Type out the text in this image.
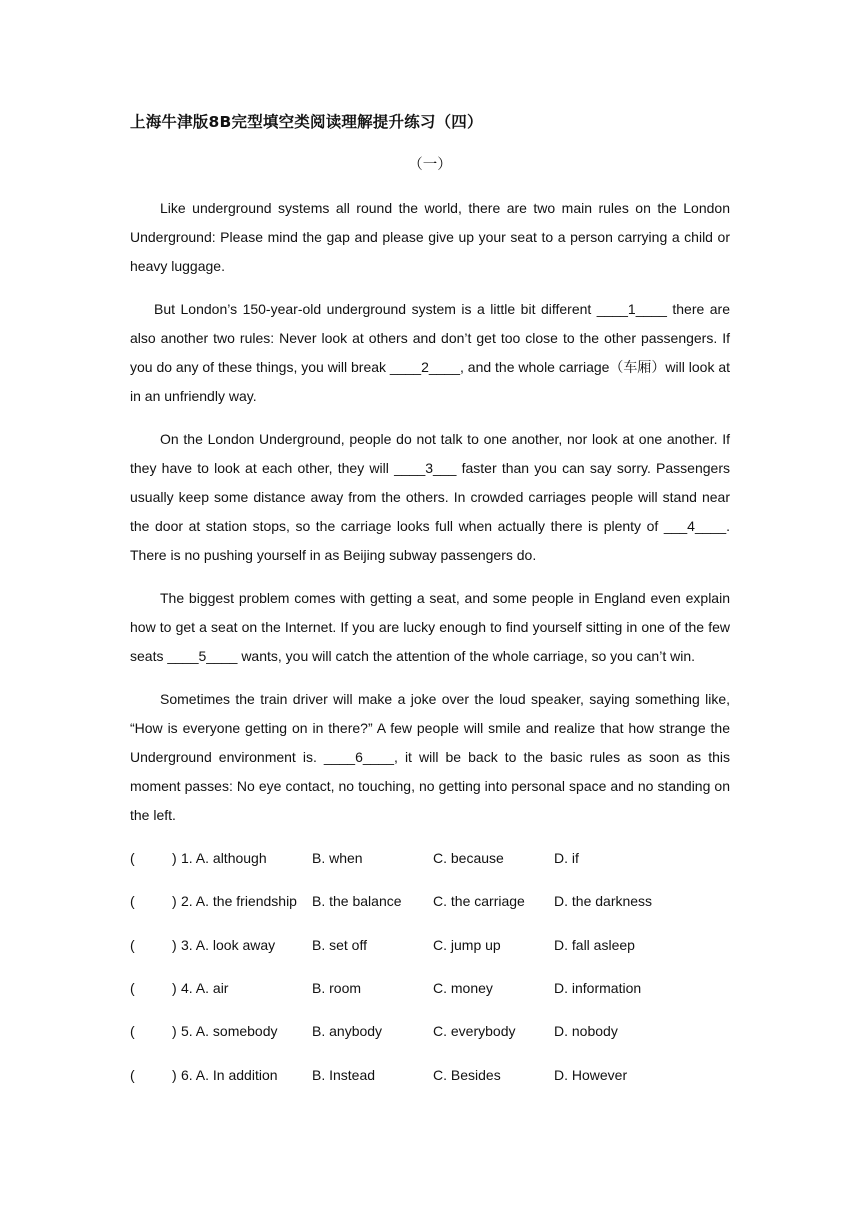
上海牛津版8B完型填空类阅读理解提升练习（四）
（一）
Like underground systems all round the world, there are two main rules on the London Underground: Please mind the gap and please give up your seat to a person carrying a child or heavy luggage.
But London’s 150-year-old underground system is a little bit different ____1____ there are also another two rules: Never look at others and don’t get too close to the other passengers. If you do any of these things, you will break ____2____, and the whole carriage（车厢）will look at in an unfriendly way.
On the London Underground, people do not talk to one another, nor look at one another. If they have to look at each other, they will ____3___ faster than you can say sorry. Passengers usually keep some distance away from the others. In crowded carriages people will stand near the door at station stops, so the carriage looks full when actually there is plenty of ___4____. There is no pushing yourself in as Beijing subway passengers do.
The biggest problem comes with getting a seat, and some people in England even explain how to get a seat on the Internet. If you are lucky enough to find yourself sitting in one of the few seats ____5____ wants, you will catch the attention of the whole carriage, so you can’t win.
Sometimes the train driver will make a joke over the loud speaker, saying something like, “How is everyone getting on in there?” A few people will smile and realize that how strange the Underground environment is. ____6____, it will be back to the basic rules as soon as this moment passes: No eye contact, no touching, no getting into personal space and no standing on the left.
(	) 1. A. although	B. when	C. because	D. if
(	) 2. A. the friendship B. the balance C. the carriage D. the darkness
(	) 3. A. look away	B. set off	C. jump up	D. fall asleep
(	) 4. A. air	B. room	C. money	D. information
(	) 5. A. somebody B. anybody	C. everybody	D. nobody
(	) 6. A. In addition B. Instead	C. Besides	D. However
